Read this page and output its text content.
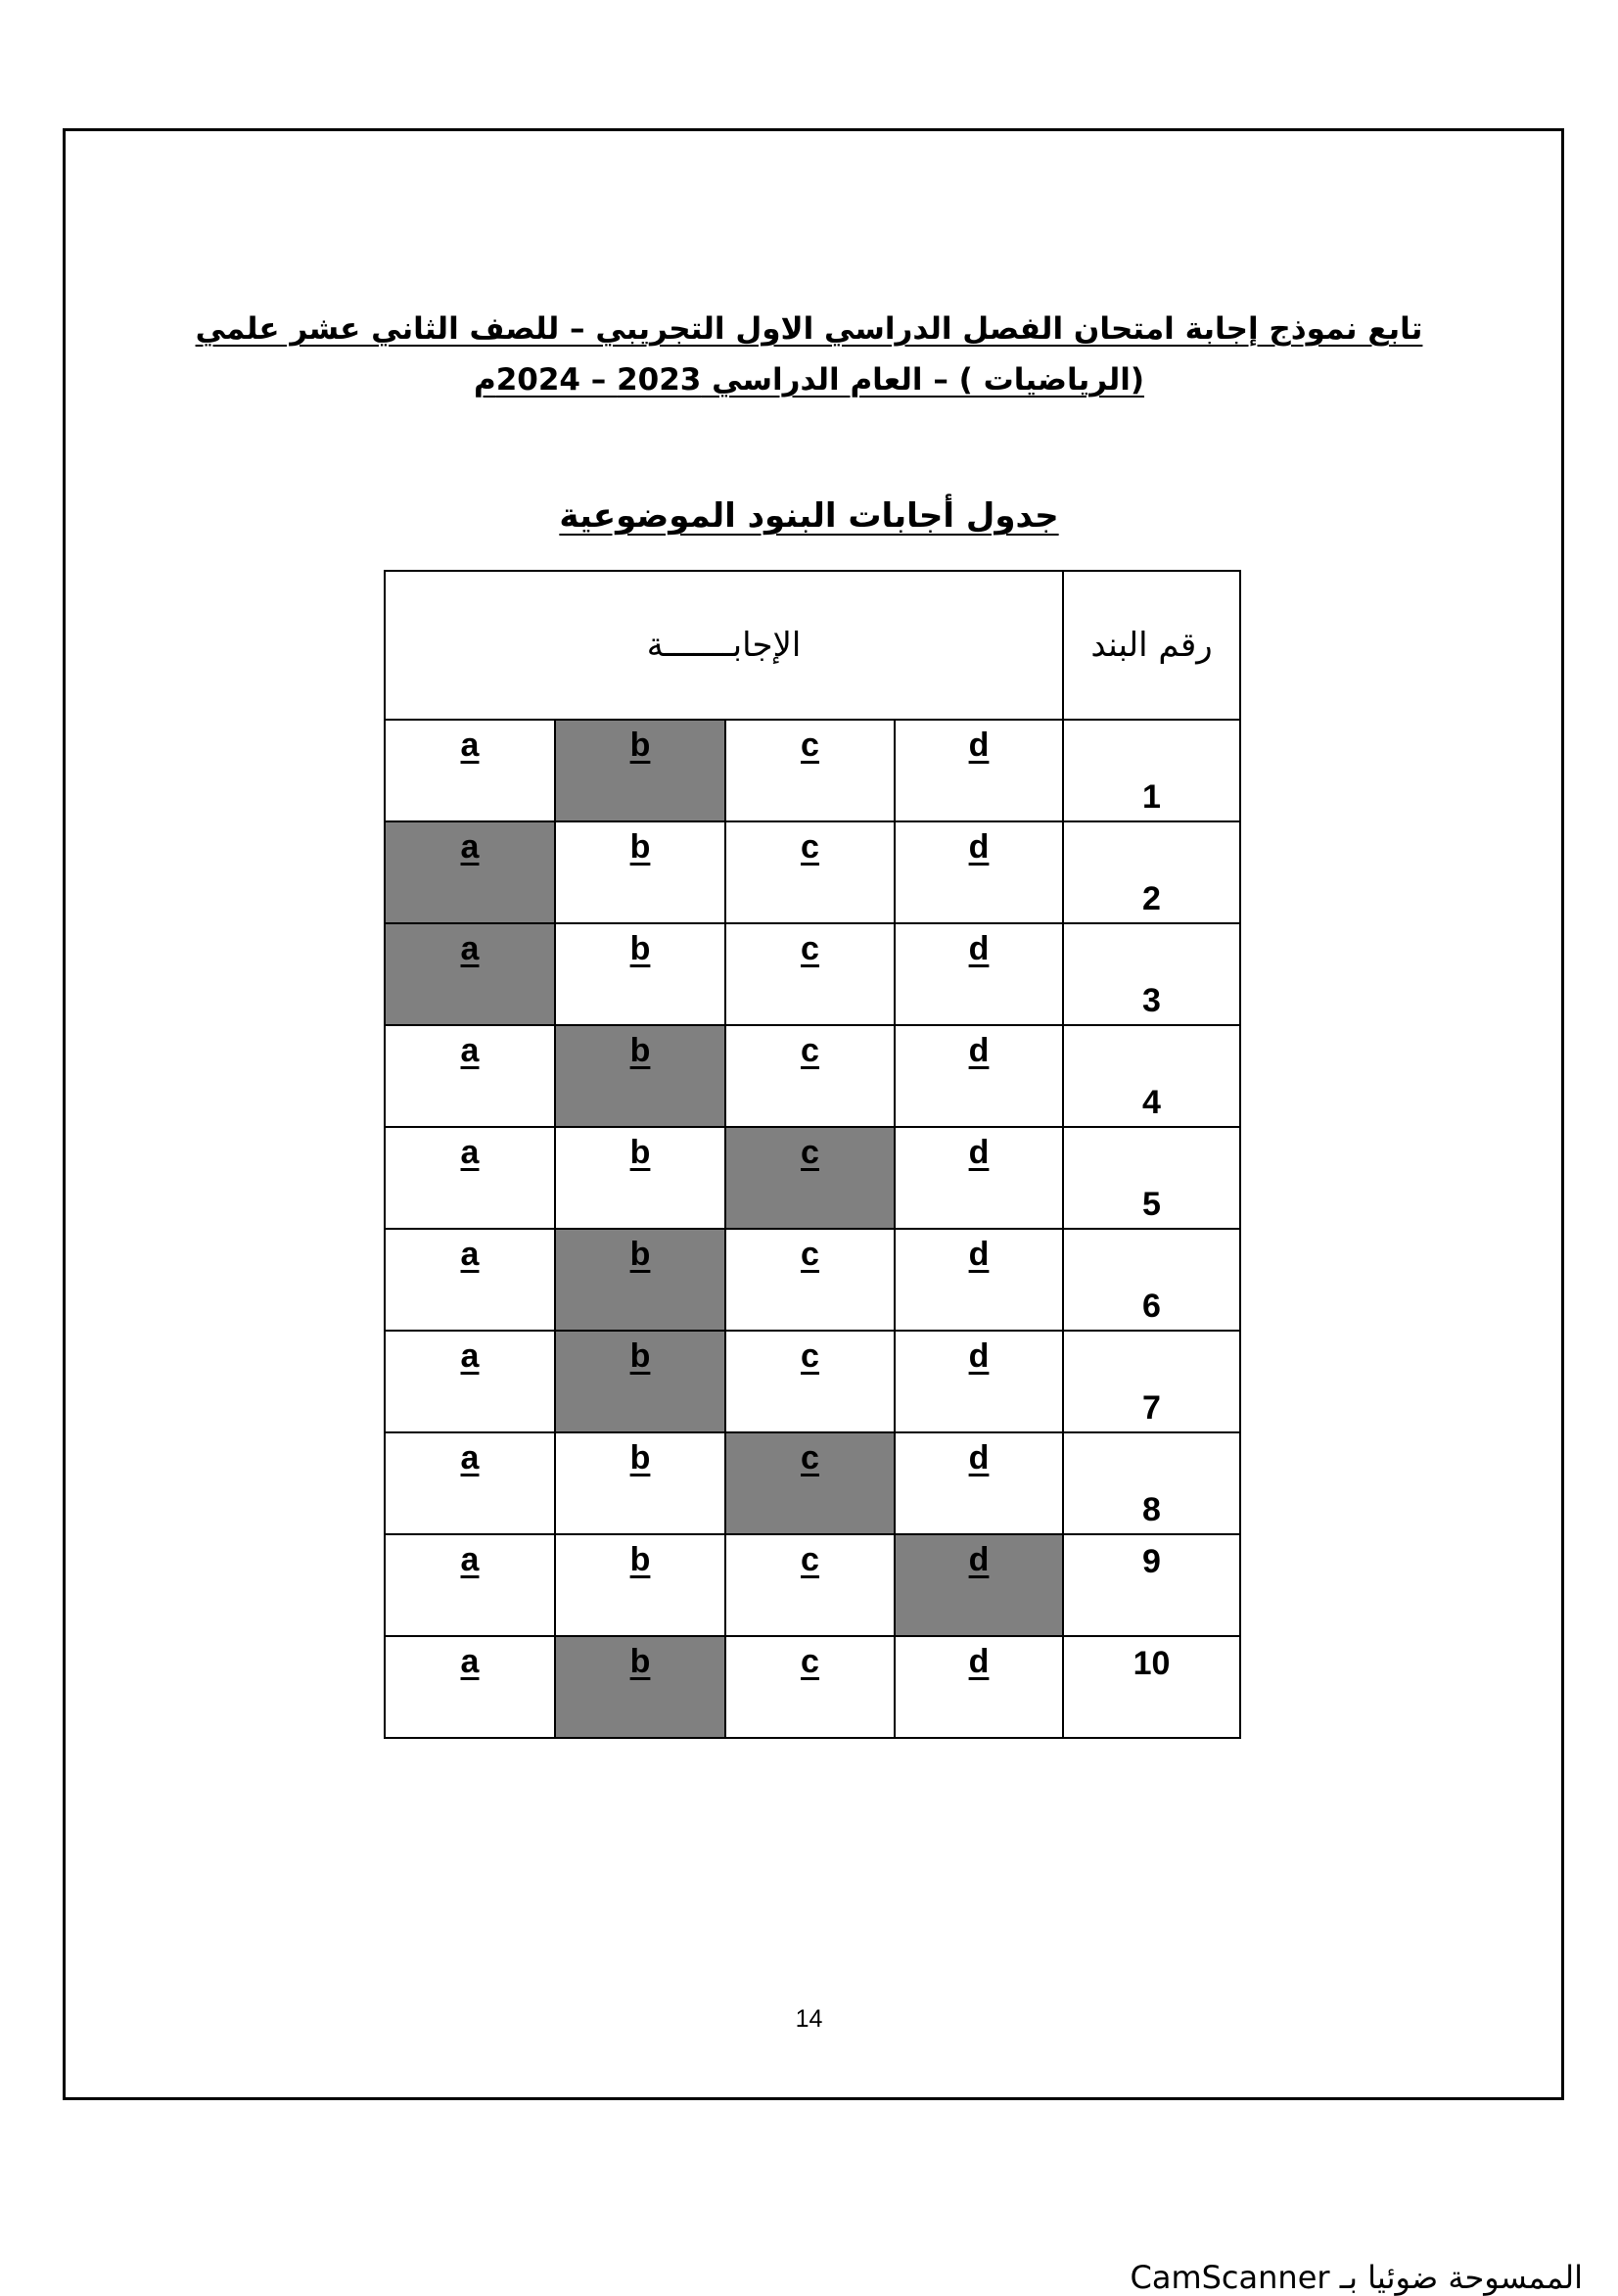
تابع نموذج إجابة امتحان الفصل الدراسي الاول التجريبي – للصف الثاني عشر علمي
(الرياضيات ) – العام الدراسي 2023 – 2024م
جدول أجابات البنود الموضوعية
الإجابـــــــة				رقم البند
a	b	c	d	1
a	b	c	d	2
a	b	c	d	3
a	b	c	d	4
a	b	c	d	5
a	b	c	d	6
a	b	c	d	7
a	b	c	d	8
a	b	c	d	9
a	b	c	d	10
14
الممسوحة ضوئيا بـ CamScanner
